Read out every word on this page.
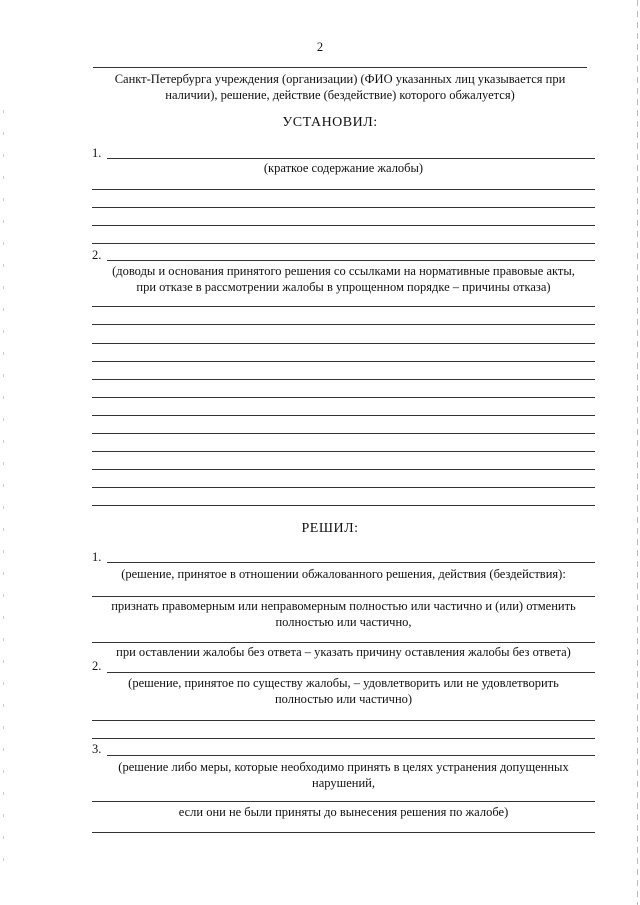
2
Санкт-Петербурга учреждения (организации) (ФИО указанных лиц указывается при
наличии), решение, действие (бездействие) которого обжалуется)
УСТАНОВИЛ:
1.
(краткое содержание жалобы)
2.
(доводы и основания принятого решения со ссылками на нормативные правовые акты,
при отказе в рассмотрении жалобы в упрощенном порядке – причины отказа)
РЕШИЛ:
1.
(решение, принятое в отношении обжалованного решения, действия (бездействия):
признать правомерным или неправомерным полностью или частично и (или) отменить
полностью или частично,
при оставлении жалобы без ответа – указать причину оставления жалобы без ответа)
2.
(решение, принятое по существу жалобы, – удовлетворить или не удовлетворить
полностью или частично)
3.
(решение либо меры, которые необходимо принять в целях устранения допущенных
нарушений,
если они не были приняты до вынесения решения по жалобе)
